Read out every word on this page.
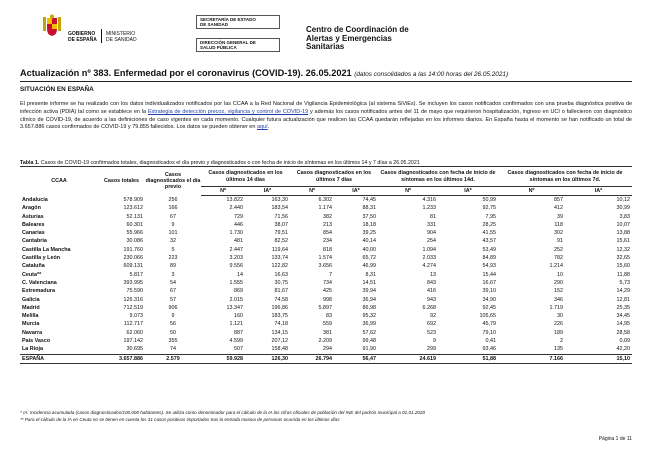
GOBIERNO
DE ESPAÑA
MINISTERIO
DE SANIDAD
SECRETARÍA DE ESTADO
DE SANIDAD
DIRECCIÓN GENERAL DE
SALUD PÚBLICA
Centro de Coordinación de
Alertas y Emergencias
Sanitarias
Actualización nº 383. Enfermedad por el coronavirus (COVID-19). 26.05.2021 (datos consolidados a las 14:00 horas del 26.05.2021)
SITUACIÓN EN ESPAÑA
El presente informe se ha realizado con los datos individualizados notificados por las CCAA a la Red Nacional de Vigilancia Epidemiológica (al sistema SiViEs). Se incluyen los casos notificados confirmados con una prueba diagnóstica positiva de infección activa (PDIA) tal como se establece en la Estrategia de detección precoz, vigilancia y control de COVID-19 y además los casos notificados antes del 11 de mayo que requirieron hospitalización, ingreso en UCI o fallecieron con diagnóstico clínico de COVID-19, de acuerdo a las definiciones de caso vigentes en cada momento. Cualquier futura actualización que realicen las CCAA quedarán reflejadas en los informes diarios. En España hasta el momento se han notificado un total de 3.657.886 casos confirmados de COVID-19 y 79.855 fallecidos. Los datos se pueden obtener en aquí.
Tabla 1. Casos de COVID-19 confirmados totales, diagnosticados el día previo y diagnosticados o con fecha de inicio de síntomas en los últimos 14 y 7 días a 26.05.2021
CCAA	Casos totales	Casos diagnosticados el día previo	Casos diagnosticados en los últimos 14 días		Casos diagnosticados en los últimos 7 días		Casos diagnosticados con fecha de inicio de síntomas en los últimos 14d.		Casos diagnosticados con fecha de inicio de síntomas en los últimos 7d.	
			Nº	IA*	Nº	IA*	Nº	IA*	Nº	IA*
Andalucía	578.909	256	13.822	163,30	6.302	74,45	4.316	50,99	857	10,12
Aragón	123.612	166	2.440	183,54	1.174	88,31	1.233	92,75	412	30,99
Asturias	52.131	67	729	71,56	382	37,50	81	7,95	39	3,83
Baleares	60.301	9	446	38,07	213	18,18	331	28,25	118	10,07
Canarias	55.966	101	1.730	79,51	854	39,25	904	41,55	302	13,88
Cantabria	30.086	32	481	82,52	234	40,14	254	43,57	91	15,61
Castilla La Mancha	191.760	5	2.447	119,64	818	40,00	1.094	53,49	252	12,32
Castilla y León	230.066	223	3.203	133,74	1.574	65,72	2.033	84,89	782	32,65
Cataluña	609.131	89	9.556	122,82	3.656	46,99	4.274	54,93	1.214	15,60
Ceuta**	5.817	3	14	16,63	7	8,31	13	15,44	10	11,88
C. Valenciana	393.995	54	1.555	30,75	734	14,51	843	16,67	290	5,73
Extremadura	75.590	67	869	81,67	425	39,94	416	39,10	152	14,29
Galicia	126.316	57	2.015	74,58	998	36,94	943	34,90	346	12,81
Madrid	712.519	906	13.347	196,86	5.897	86,98	6.268	92,45	1.719	25,35
Melilla	9.073	9	160	183,75	83	95,32	92	105,65	30	34,45
Murcia	112.717	56	1.121	74,18	559	36,99	692	45,79	226	14,95
Navarra	62.060	50	887	134,15	381	57,62	523	79,10	189	28,58
País Vasco	197.142	355	4.599	207,12	2.209	99,48	9	0,41	2	0,09
La Rioja	30.695	74	507	158,48	294	91,90	299	93,46	135	42,20
ESPAÑA	3.657.886	2.579	59.928	126,30	26.794	56,47	24.619	51,88	7.166	15,10
* IA: Incidencia acumulada (casos diagnosticados/100.000 habitantes). Se utiliza como denominador para el cálculo de la IA las cifras oficiales de población del INE del padrón municipal a 01.01.2020
** Para el cálculo de la IA en Ceuta no se tienen en cuenta los 31 casos positivos importados tras la entrada masiva de personas ocurrida en los últimos días
Página 1 de 11
